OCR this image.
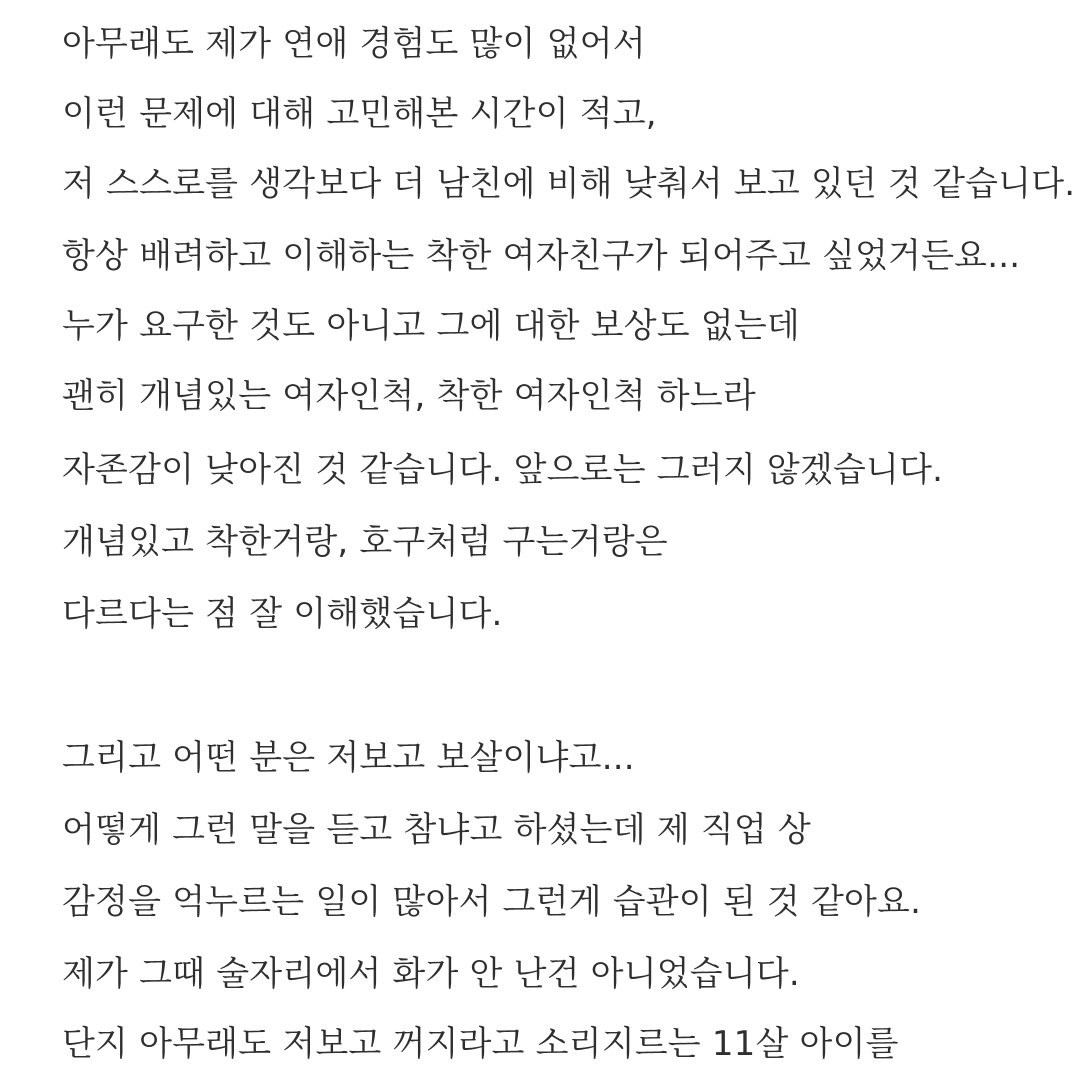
아무래도 제가 연애 경험도 많이 없어서

이런 문제에 대해 고민해본 시간이 적고,

저 스스로를 생각보다 더 남친에 비해 낮춰서 보고 있던 것 같습니다.

항상 배려하고 이해하는 착한 여자친구가 되어주고 싶었거든요...

누가 요구한 것도 아니고 그에 대한 보상도 없는데

괜히 개념있는 여자인척, 착한 여자인척 하느라

자존감이 낮아진 것 같습니다. 앞으로는 그러지 않겠습니다.

개념있고 착한거랑, 호구처럼 구는거랑은

다르다는 점 잘 이해했습니다.

그리고 어떤 분은 저보고 보살이냐고...

어떻게 그런 말을 듣고 참냐고 하셨는데 제 직업 상

감정을 억누르는 일이 많아서 그런게 습관이 된 것 같아요.

제가 그때 술자리에서 화가 안 난건 아니었습니다.

단지 아무래도 저보고 꺼지라고 소리지르는 11살 아이를
